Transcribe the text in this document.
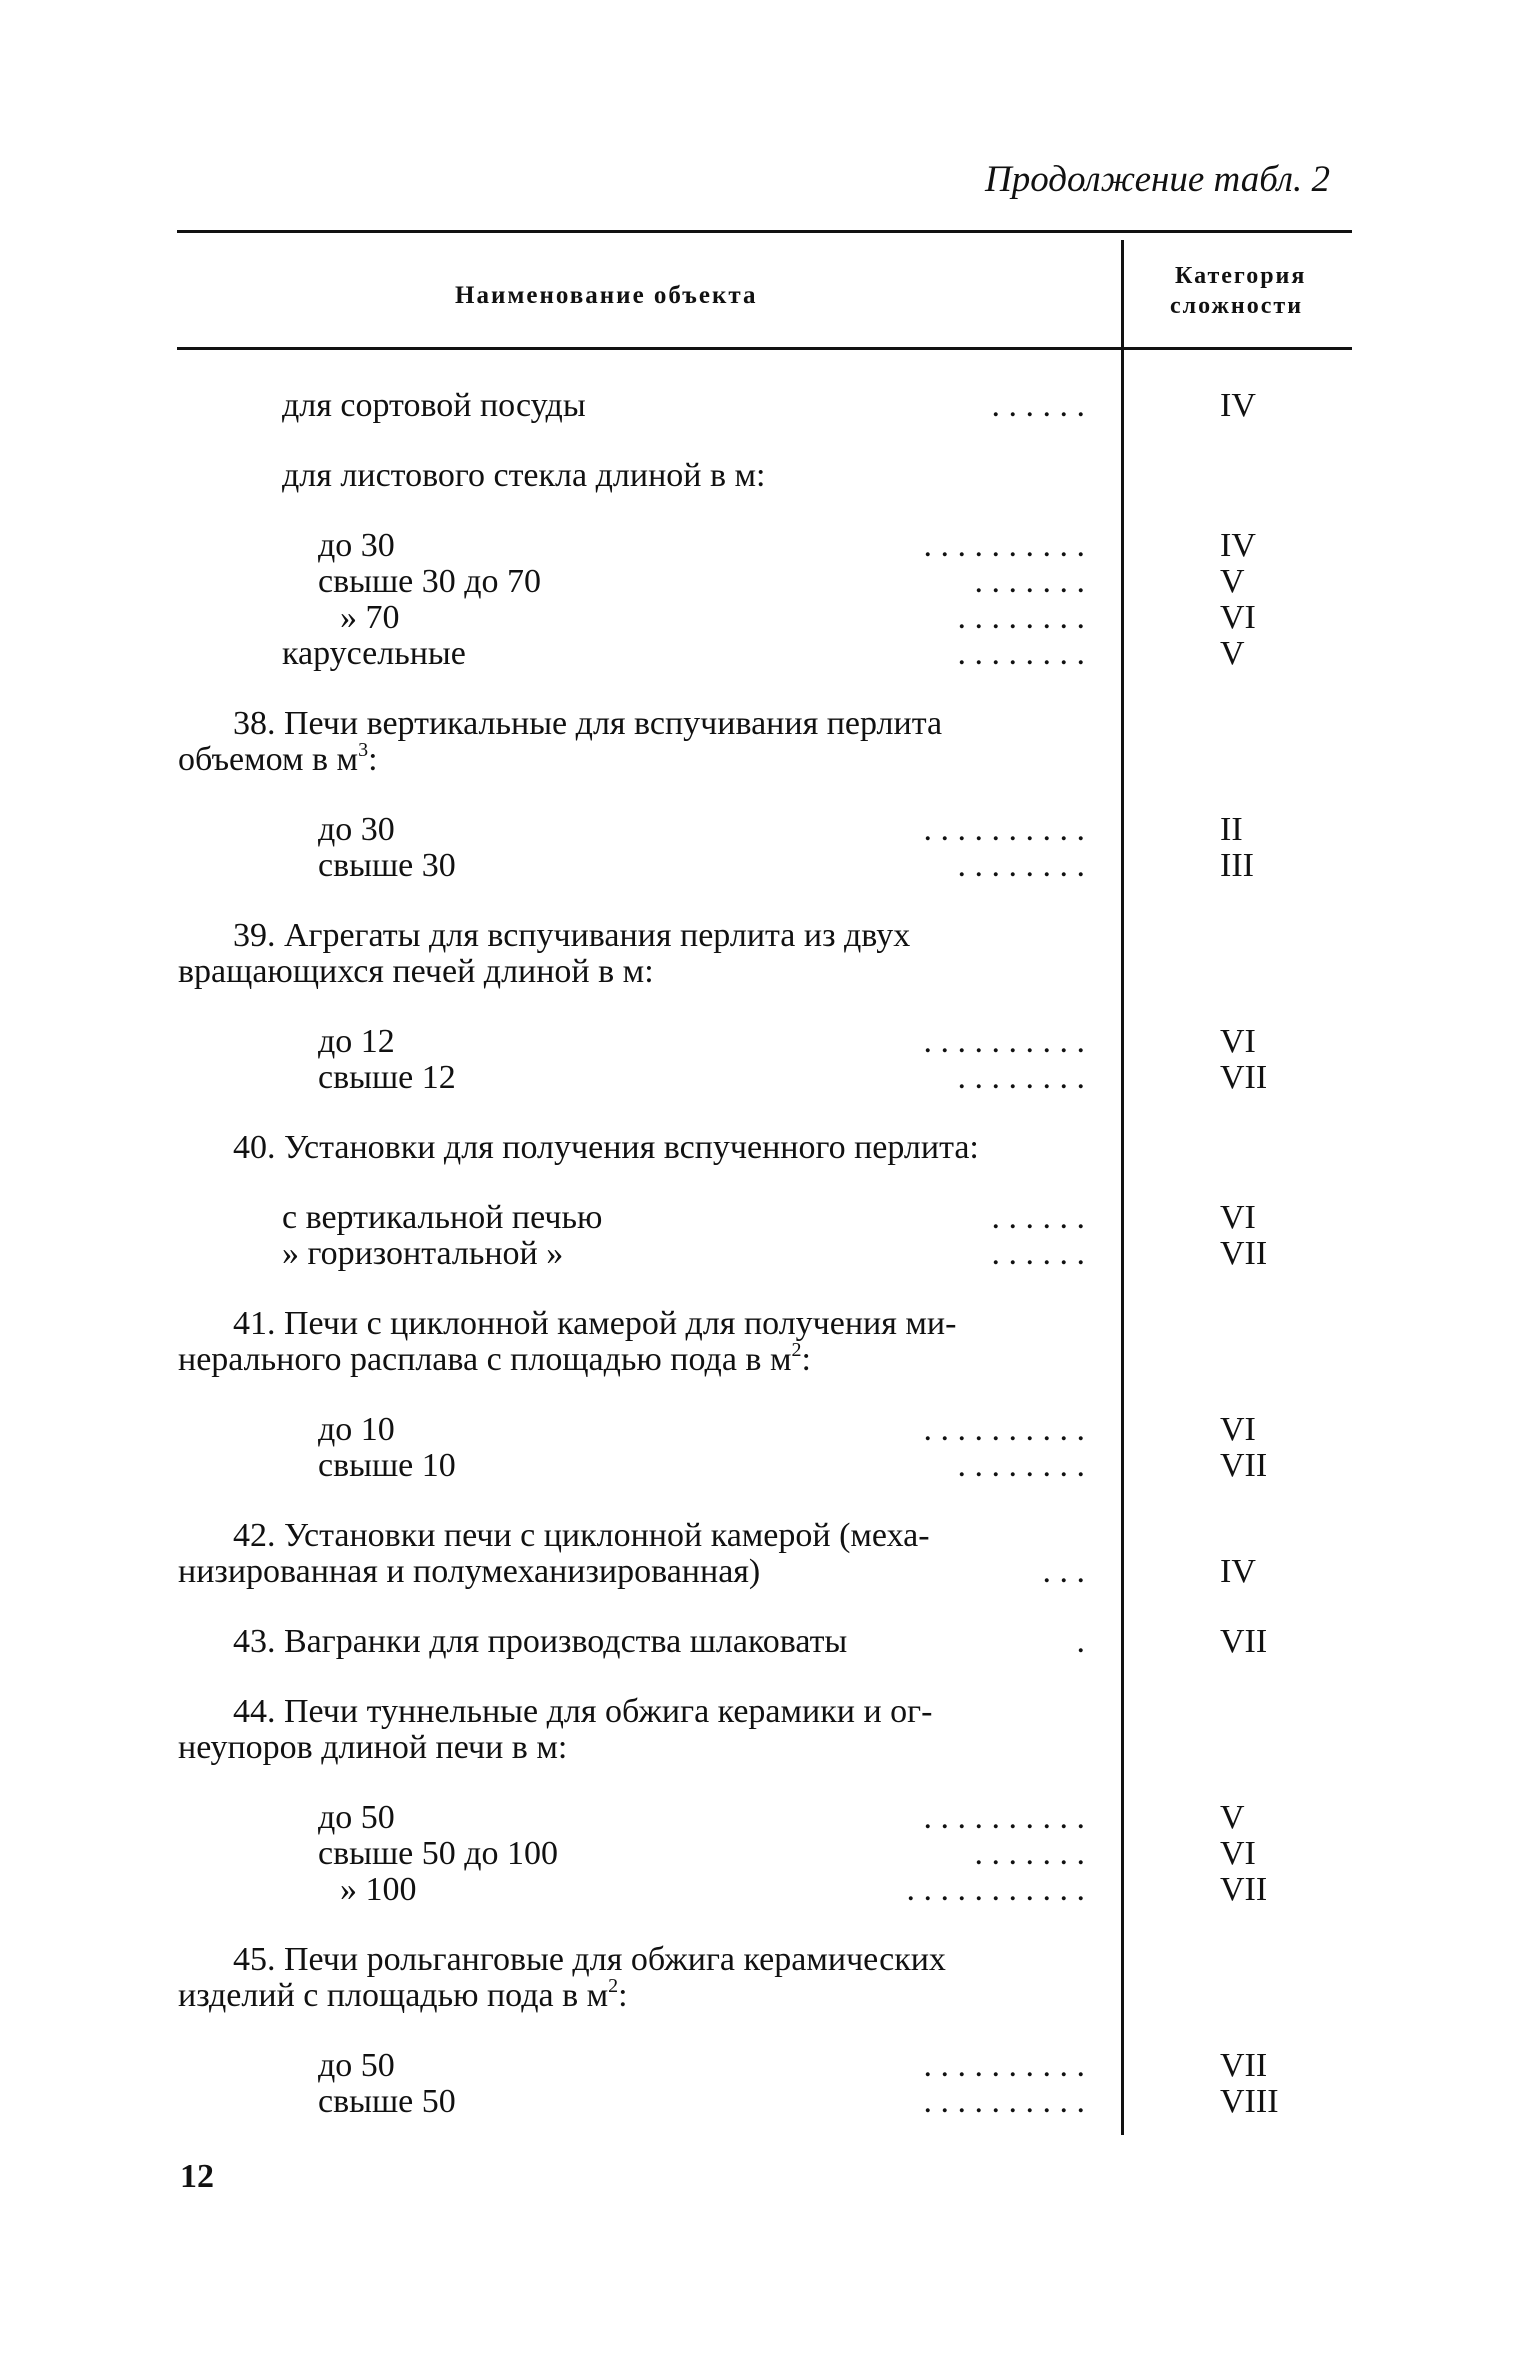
Продолжение табл. 2
Наименование объекта
Категория
сложности
для сортовой посуды	. . . . . .	IV
для листового стекла длиной в м:
до 30	. . . . . . . . . .	IV
свыше 30 до 70	. . . . . . .	V
» 70	. . . . . . . .	VI
карусельные	. . . . . . . .	V
38. Печи вертикальные для вспучивания перлита
объемом в $м^3$:
до 30	. . . . . . . . . .	II
свыше 30	. . . . . . . .	III
39. Агрегаты для вспучивания перлита из двух
вращающихся печей длиной в м:
до 12	. . . . . . . . . .	VI
свыше 12	. . . . . . . .	VII
40. Установки для получения вспученного перлита:
с вертикальной печью	. . . . . .	VI
» горизонтальной »	. . . . . .	VII
41. Печи с циклонной камерой для получения ми-
нерального расплава с площадью пода в $м^2$:
до 10	. . . . . . . . . .	VI
свыше 10	. . . . . . . .	VII
42. Установки печи с циклонной камерой (меха-
низированная и полумеханизированная)	. . .	IV
43. Вагранки для производства шлаковаты	.	VII
44. Печи туннельные для обжига керамики и ог-
неупоров длиной печи в м:
до 50	. . . . . . . . . .	V
свыше 50 до 100	. . . . . . .	VI
» 100	. . . . . . . . . . .	VII
45. Печи рольганговые для обжига керамических
изделий с площадью пода в $м^2$:
до 50	. . . . . . . . . .	VII
свыше 50	. . . . . . . . . .	VIII
12
